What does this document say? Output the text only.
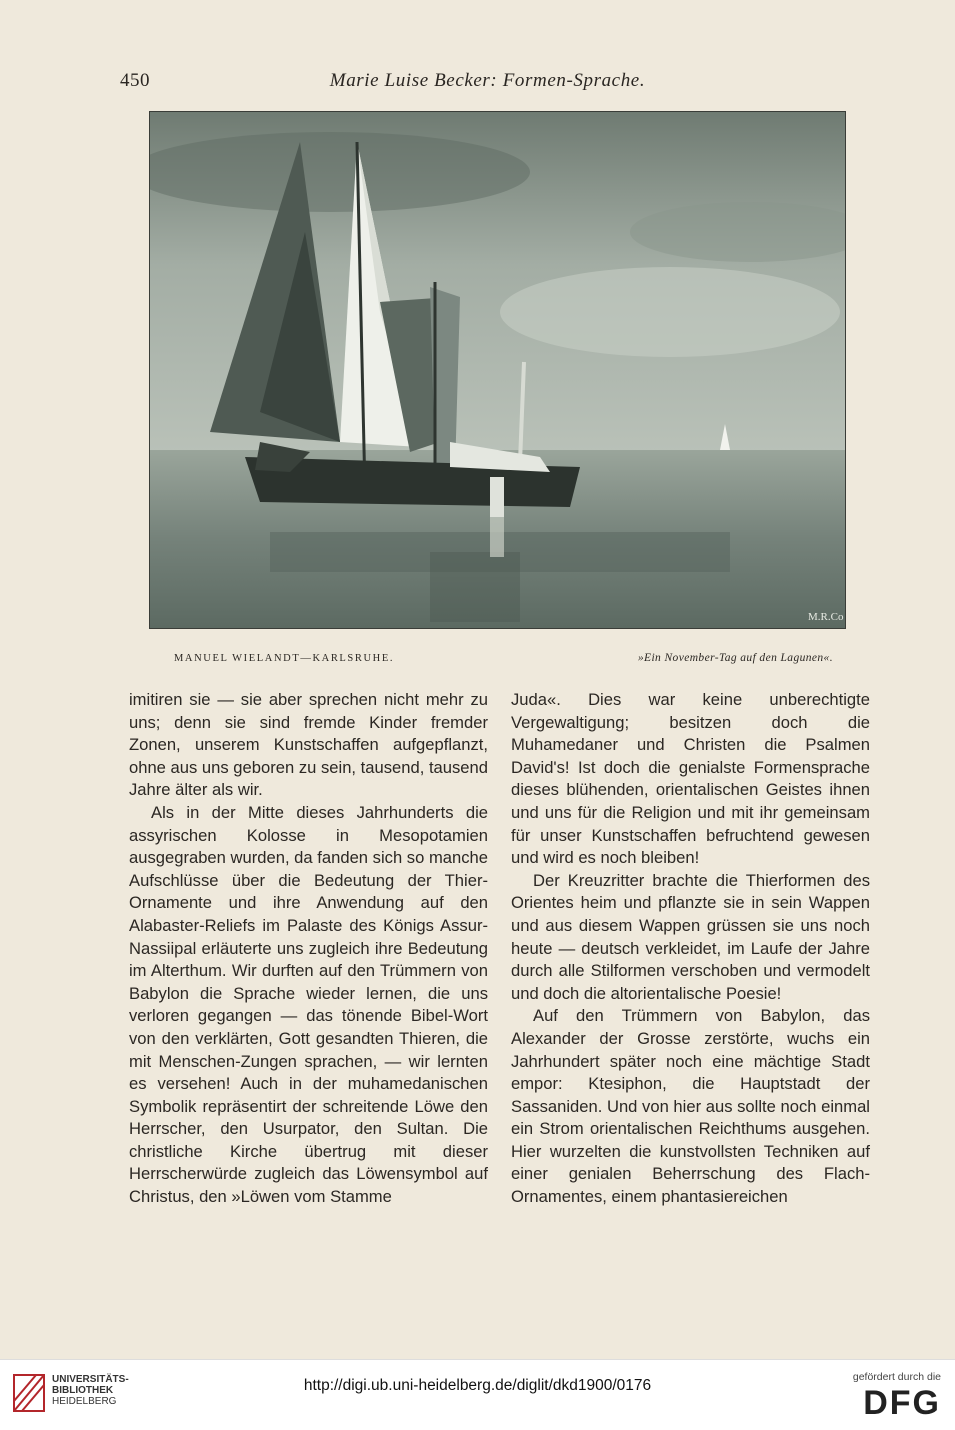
450	Marie Luise Becker: Formen-Sprache.
M.R.Co
MANUEL WIELANDT—KARLSRUHE.	»Ein November-Tag auf den Lagunen«.

imitiren sie — sie aber sprechen nicht mehr zu uns; denn sie sind fremde Kinder fremder Zonen, unserem Kunstschaffen aufgepflanzt, ohne aus uns geboren zu sein, tausend, tausend Jahre älter als wir.

Als in der Mitte dieses Jahrhunderts die assyrischen Kolosse in Mesopotamien ausgegraben wurden, da fanden sich so manche Aufschlüsse über die Bedeutung der Thier-Ornamente und ihre Anwendung auf den Alabaster-Reliefs im Palaste des Königs Assur-Nassiipal erläuterte uns zugleich ihre Bedeutung im Alterthum. Wir durften auf den Trümmern von Babylon die Sprache wieder lernen, die uns verloren gegangen — das tönende Bibel-Wort von den verklärten, Gott gesandten Thieren, die mit Menschen-Zungen sprachen, — wir lernten es versehen! Auch in der muhamedanischen Symbolik repräsentirt der schreitende Löwe den Herrscher, den Usurpator, den Sultan. Die christliche Kirche übertrug mit dieser Herrscherwürde zugleich das Löwensymbol auf Christus, den »Löwen vom Stamme

Juda«. Dies war keine unberechtigte Vergewaltigung; besitzen doch die Muhamedaner und Christen die Psalmen David's! Ist doch die genialste Formensprache dieses blühenden, orientalischen Geistes ihnen und uns für die Religion und mit ihr gemeinsam für unser Kunstschaffen befruchtend gewesen und wird es noch bleiben!

Der Kreuzritter brachte die Thierformen des Orientes heim und pflanzte sie in sein Wappen und aus diesem Wappen grüssen sie uns noch heute — deutsch verkleidet, im Laufe der Jahre durch alle Stilformen verschoben und vermodelt und doch die altorientalische Poesie!

Auf den Trümmern von Babylon, das Alexander der Grosse zerstörte, wuchs ein Jahrhundert später noch eine mächtige Stadt empor: Ktesiphon, die Hauptstadt der Sassaniden. Und von hier aus sollte noch einmal ein Strom orientalischen Reichthums ausgehen. Hier wurzelten die kunstvollsten Techniken auf einer genialen Beherrschung des Flach-Ornamentes, einem phantasiereichen

UNIVERSITÄTS-
BIBLIOTHEK
HEIDELBERG
http://digi.ub.uni-heidelberg.de/diglit/dkd1900/0176	gefördert durch die
DFG
